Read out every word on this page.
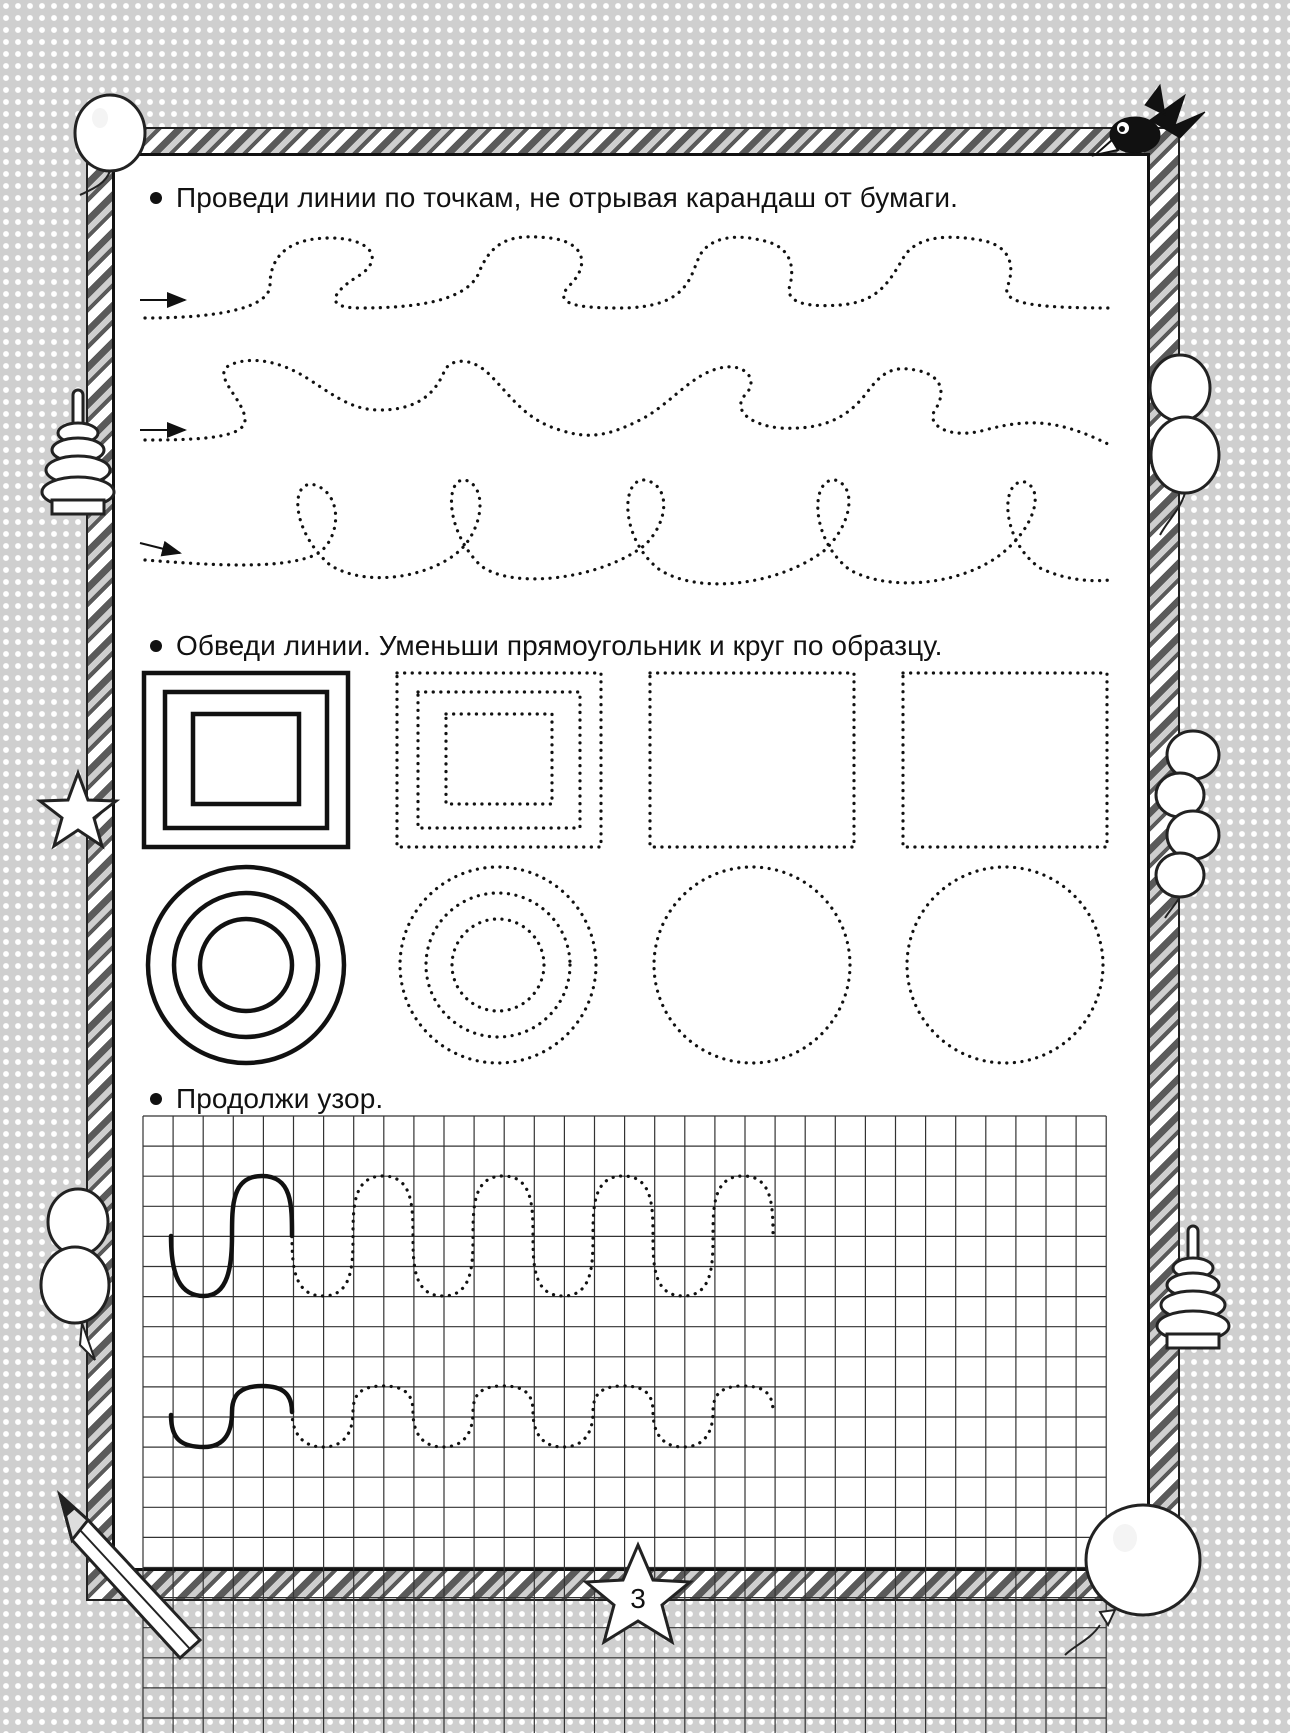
Проведи линии по точкам, не отрывая карандаш от бумаги.
Обведи линии. Уменьши прямоугольник и круг по образцу.
Продолжи узор.
3
